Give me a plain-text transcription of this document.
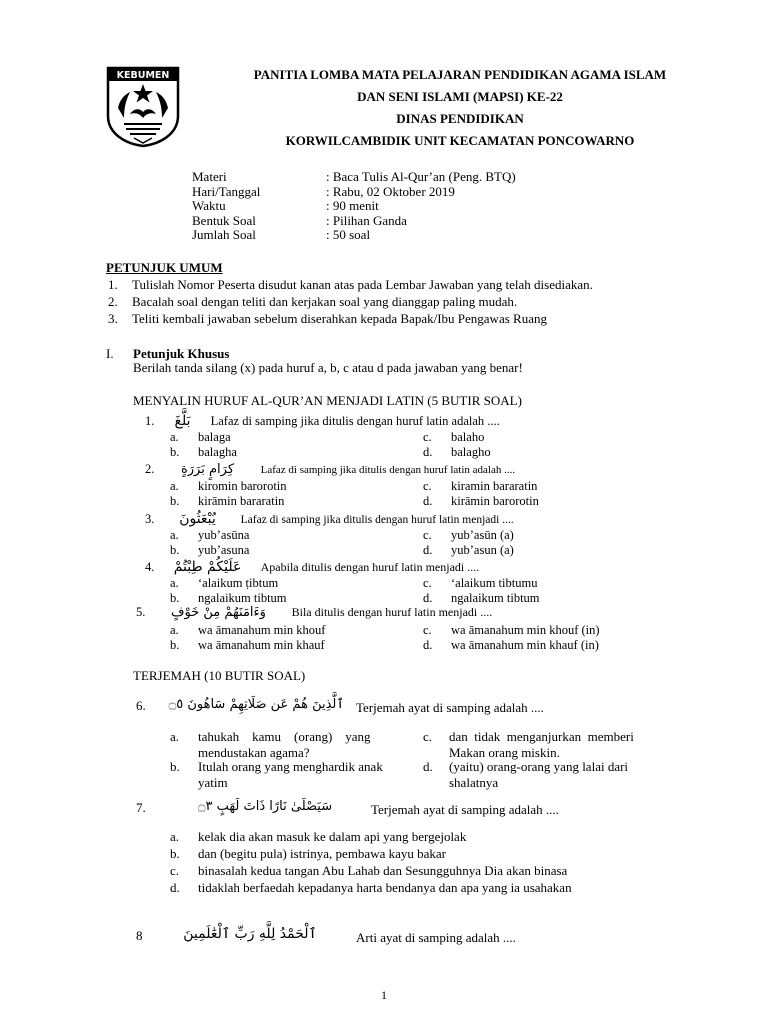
KEBUMEN	PANITIA LOMBA MATA PELAJARAN PENDIDIKAN AGAMA ISLAM
DAN SENI ISLAMI (MAPSI) KE-22
DINAS PENDIDIKAN
KORWILCAMBIDIK UNIT KECAMATAN PONCOWARNO
Materi	: Baca Tulis Al-Qur’an (Peng. BTQ)
Hari/Tanggal	: Rabu, 02 Oktober 2019
Waktu	: 90 menit
Bentuk Soal	: Pilihan Ganda
Jumlah Soal	: 50 soal
PETUNJUK UMUM
1. Tulislah Nomor Peserta disudut kanan atas pada Lembar Jawaban yang telah disediakan.
2. Bacalah soal dengan teliti dan kerjakan soal yang dianggap paling mudah.
3. Teliti kembali jawaban sebelum diserahkan kepada Bapak/Ibu Pengawas Ruang
I. Petunjuk Khusus
Berilah tanda silang (x) pada huruf a, b, c atau d pada jawaban yang benar!
MENYALIN HURUF AL-QUR’AN MENJADI LATIN (5 BUTIR SOAL)
1. بَلَّغَ Lafaz di samping jika ditulis dengan huruf latin adalah ....
a. balaga
b. balagha
c. balaho
d. balagho
2. كِرَامٍ بَرَرَةٍ Lafaz di samping jika ditulis dengan huruf latin adalah ....
a. kiromin barorotin
b. kirāmin bararatin
c. kiramin bararatin
d. kirāmin barorotin
3. يُبْعَثُونَ Lafaz di samping jika ditulis dengan huruf latin menjadi ....
a. yub’asūna
b. yub’asuna
c. yub’asūn (a)
d. yub’asun (a)
4. عَلَيْكُمْ طِبْتُمْ Apabila ditulis dengan huruf latin menjadi ....
a. ‘alaikum ṭibtum
b. ngalaikum tibtum
c. ‘alaikum tibtumu
d. ngalaikum tibtum
5. وَءَامَنَهُمْ مِنْ خَوْفٍ Bila ditulis dengan huruf latin menjadi ....
a. wa āmanahum min khouf
b. wa āmanahum min khauf
c. wa āmanahum min khouf (in)
d. wa āmanahum min khauf (in)
TERJEMAH (10 BUTIR SOAL)
6. ٱلَّذِينَ هُمْ عَن صَلَاتِهِمْ سَاهُونَ ۝٥ Terjemah ayat di samping adalah ....
a. tahukah    kamu    (orang)    yang
mendustakan agama?
b. Itulah orang yang menghardik anak
yatim
c. dan  tidak  menganjurkan  memberi
Makan orang miskin.
d. (yaitu) orang-orang yang lalai dari
shalatnya
7.	سَيَصْلَىٰ نَارًا ذَاتَ لَهَبٍ ۝٣	Terjemah ayat di samping adalah ....
a. kelak dia akan masuk ke dalam api yang bergejolak
b. dan (begitu pula) istrinya, pembawa kayu bakar
c. binasalah kedua tangan Abu Lahab dan Sesungguhnya Dia akan binasa
d. tidaklah berfaedah kepadanya harta bendanya dan apa yang ia usahakan
8	ٱلْحَمْدُ لِلَّهِ رَبِّ ٱلْعَٰلَمِينَ	Arti ayat di samping adalah ....
1
